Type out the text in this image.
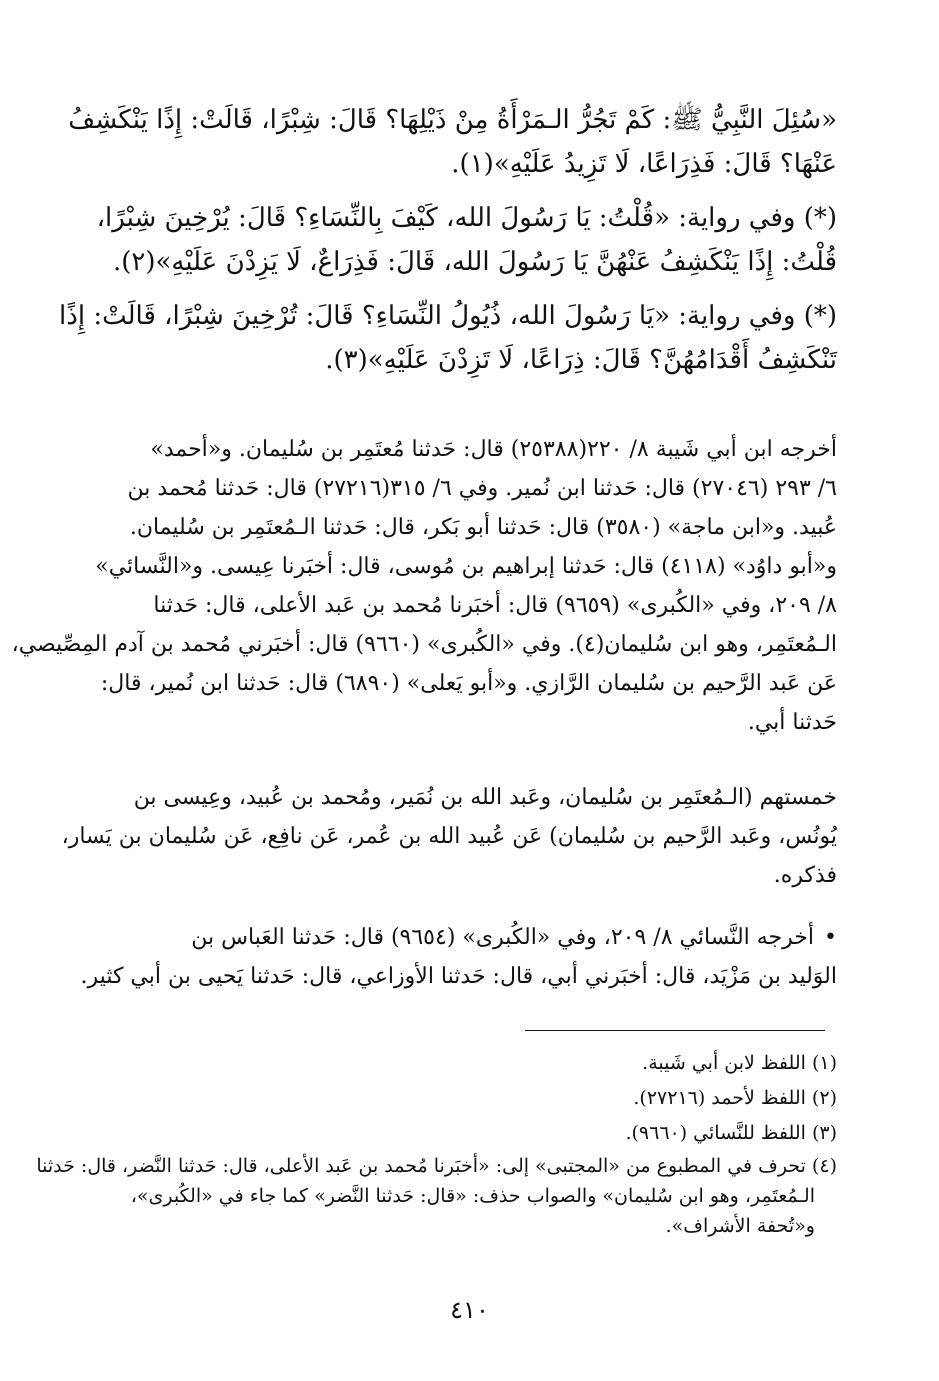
«سُئِلَ النَّبِيُّ ﷺ: كَمْ تَجُرُّ الـمَرْأَةُ مِنْ ذَيْلِهَا؟ قَالَ: شِبْرًا، قَالَتْ: إِذًا يَنْكَشِفُ
عَنْهَا؟ قَالَ: فَذِرَاعًا، لَا تَزِيدُ عَلَيْهِ»(١).
(*) وفي رواية: «قُلْتُ: يَا رَسُولَ الله، كَيْفَ بِالنِّسَاءِ؟ قَالَ: يُرْخِينَ شِبْرًا،
قُلْتُ: إِذًا يَنْكَشِفُ عَنْهُنَّ يَا رَسُولَ الله، قَالَ: فَذِرَاعٌ، لَا يَزِدْنَ عَلَيْهِ»(٢).
(*) وفي رواية: «يَا رَسُولَ الله، ذُيُولُ النِّسَاءِ؟ قَالَ: تُرْخِينَ شِبْرًا، قَالَتْ: إِذًا
تَنْكَشِفُ أَقْدَامُهُنَّ؟ قَالَ: ذِرَاعًا، لَا تَزِدْنَ عَلَيْهِ»(٣).
أخرجه ابن أبي شَيبة ٨/ ٢٢٠(٢٥٣٨٨) قال: حَدثنا مُعتَمِر بن سُليمان. و«أحمد»
٦/ ٢٩٣ (٢٧٠٤٦) قال: حَدثنا ابن نُمير. وفي ٦/ ٣١٥(٢٧٢١٦) قال: حَدثنا مُحمد بن
عُبيد. و«ابن ماجة» (٣٥٨٠) قال: حَدثنا أبو بَكر، قال: حَدثنا الـمُعتَمِر بن سُليمان.
و«أبو داوُد» (٤١١٨) قال: حَدثنا إبراهيم بن مُوسى، قال: أخبَرنا عِيسى. و«النَّسائي»
٨/ ٢٠٩، وفي «الكُبرى» (٩٦٥٩) قال: أخبَرنا مُحمد بن عَبد الأعلى، قال: حَدثنا
الـمُعتَمِر، وهو ابن سُليمان(٤). وفي «الكُبرى» (٩٦٦٠) قال: أخبَرني مُحمد بن آدم المِصِّيصي،
عَن عَبد الرَّحيم بن سُليمان الرَّازي. و«أبو يَعلى» (٦٨٩٠) قال: حَدثنا ابن نُمير، قال:
حَدثنا أبي.
خمستهم (الـمُعتَمِر بن سُليمان، وعَبد الله بن نُمَير، ومُحمد بن عُبيد، وعِيسى بن
يُونُس، وعَبد الرَّحيم بن سُليمان) عَن عُبيد الله بن عُمر، عَن نافِع، عَن سُليمان بن يَسار،
فذكره.
•أخرجه النَّسائي ٨/ ٢٠٩، وفي «الكُبرى» (٩٦٥٤) قال: حَدثنا العَباس بن
الوَليد بن مَزْيَد، قال: أخبَرني أبي، قال: حَدثنا الأوزاعي، قال: حَدثنا يَحيى بن أبي كثير.
(١) اللفظ لابن أبي شَيبة.
(٢) اللفظ لأحمد (٢٧٢١٦).
(٣) اللفظ للنَّسائي (٩٦٦٠).
(٤) تحرف في المطبوع من «المجتبى» إلى: «أخبَرنا مُحمد بن عَبد الأعلى، قال: حَدثنا النَّضر، قال: حَدثنا
الـمُعتَمِر، وهو ابن سُليمان» والصواب حذف: «قال: حَدثنا النَّضر» كما جاء في «الكُبرى»،
و«تُحفة الأشراف».
٤١٠
